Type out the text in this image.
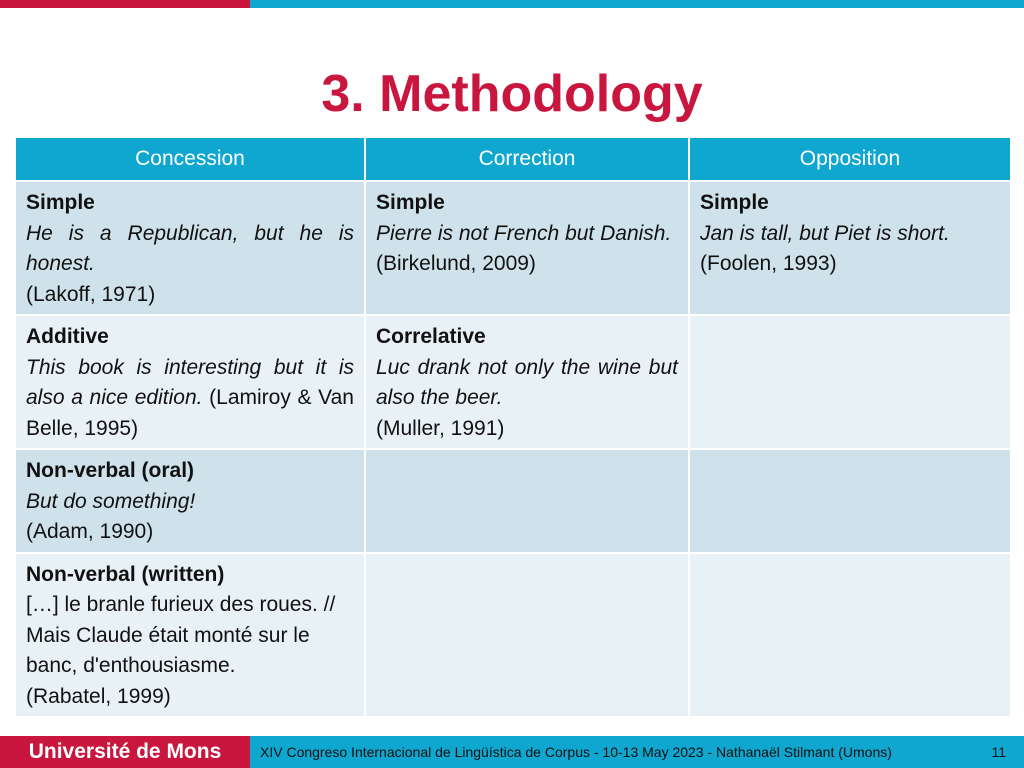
3. Methodology
Concession	Correction	Opposition

Simple
He is a Republican, but he is honest.
(Lakoff, 1971)	Simple
Pierre is not French but Danish.
(Birkelund, 2009)	Simple
Jan is tall, but Piet is short.
(Foolen, 1993)

Additive
This book is interesting but it is also a nice edition. (Lamiroy & Van Belle, 1995)	Correlative
Luc drank not only the wine but also the beer.
(Muller, 1991)	

Non-verbal (oral)
But do something!
(Adam, 1990)		

Non-verbal (written)
[…] le branle furieux des roues. // Mais Claude était monté sur le banc, d'enthousiasme.
(Rabatel, 1999)		

Université de Mons	XIV Congreso Internacional de Lingüística de Corpus - 10-13 May 2023 - Nathanaël Stilmant (Umons)	11
